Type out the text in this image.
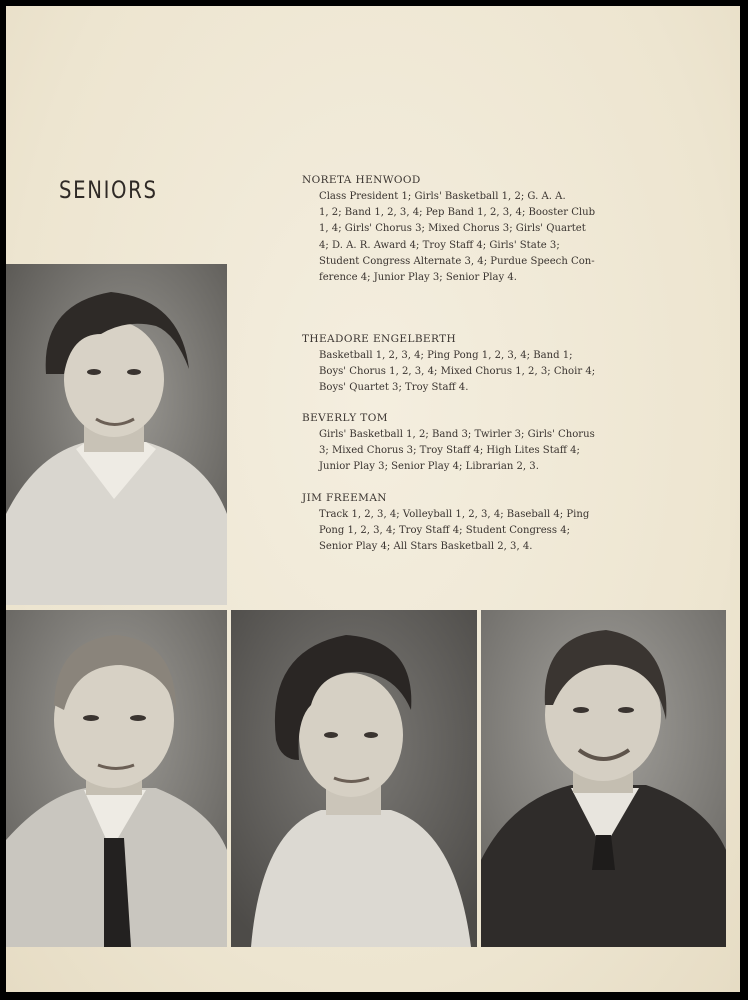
SENIORS	NORETA HENWOOD
Class President 1; Girls' Basketball 1, 2; G. A. A.
1, 2; Band 1, 2, 3, 4; Pep Band 1, 2, 3, 4; Booster Club
1, 4; Girls' Chorus 3; Mixed Chorus 3; Girls' Quartet
4; D. A. R. Award 4; Troy Staff 4; Girls' State 3;
Student Congress Alternate 3, 4; Purdue Speech Con-
ference 4; Junior Play 3; Senior Play 4.
THEADORE ENGELBERTH
Basketball 1, 2, 3, 4; Ping Pong 1, 2, 3, 4; Band 1;
Boys' Chorus 1, 2, 3, 4; Mixed Chorus 1, 2, 3; Choir 4;
Boys' Quartet 3; Troy Staff 4.
BEVERLY TOM
Girls' Basketball 1, 2; Band 3; Twirler 3; Girls' Chorus
3; Mixed Chorus 3; Troy Staff 4; High Lites Staff 4;
Junior Play 3; Senior Play 4; Librarian 2, 3.
JIM FREEMAN
Track 1, 2, 3, 4; Volleyball 1, 2, 3, 4; Baseball 4; Ping
Pong 1, 2, 3, 4; Troy Staff 4; Student Congress 4;
Senior Play 4; All Stars Basketball 2, 3, 4.
